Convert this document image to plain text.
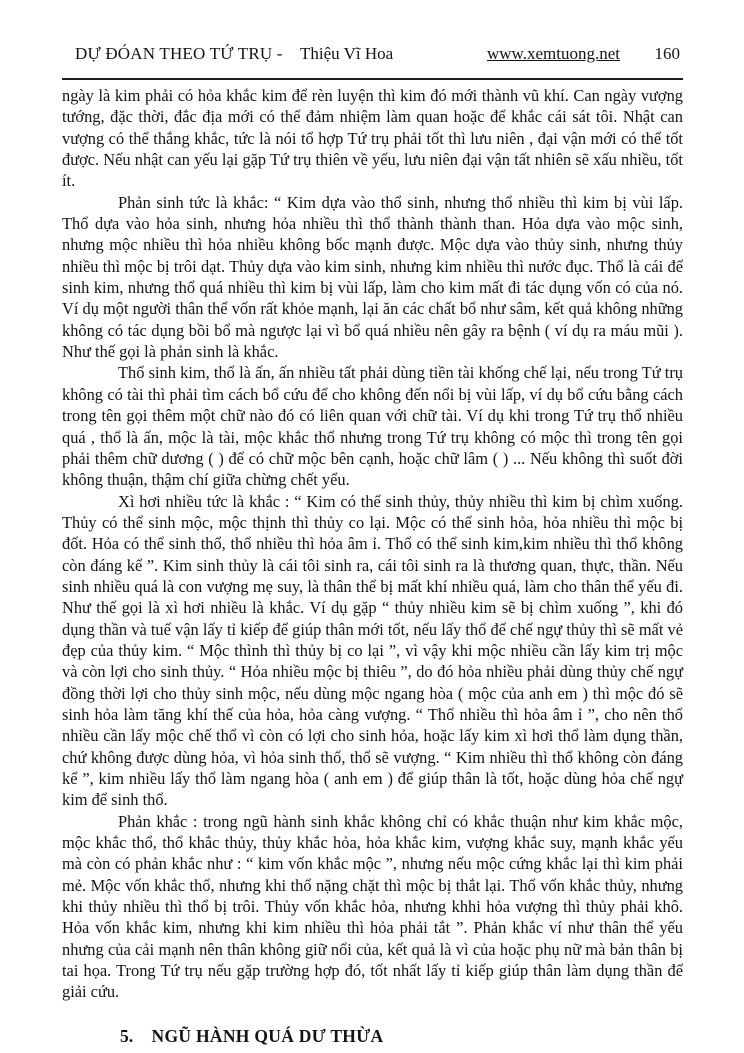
DỰ ĐÓAN THEO TỨ TRỤ - Thiệu Vĩ Hoa	www.xemtuong.net 160

ngày là kim phải có hỏa khắc kim để rèn luyện thì kim đó mới thành vũ khí. Can ngày vượng tướng, đặc thời, đắc địa mới có thể đảm nhiệm làm quan hoặc để khắc cái sát tôi. Nhật can vượng có thể thắng khắc, tức là nói tổ hợp Tứ trụ phải tốt thì lưu niên , đại vận mới có thể tốt được. Nếu nhật can yếu lại gặp Tứ trụ thiên về yếu, lưu niên đại vận tất nhiên sẽ xấu nhiều, tốt ít.

Phản sinh tức là khắc: “ Kim dựa vào thổ sinh, nhưng thổ nhiều thì kim bị vùi lấp. Thổ dựa vào hỏa sinh, nhưng hỏa nhiều thì thổ thành thành than. Hỏa dựa vào mộc sinh, nhưng mộc nhiều thì hỏa nhiều không bốc mạnh được. Mộc dựa vào thủy sinh, nhưng thủy nhiều thì mộc bị trôi dạt. Thủy dựa vào kim sinh, nhưng kim nhiều thì nước đục. Thổ là cái để sinh kim, nhưng thổ quá nhiều thì kim bị vùi lấp, làm cho kim mất đi tác dụng vốn có của nó. Ví dụ một người thân thể vốn rất khỏe mạnh, lại ăn các chất bổ như sâm, kết quả không những không có tác dụng bồi bổ mà ngược lại vì bổ quá nhiều nên gây ra bệnh ( ví dụ ra máu mũi ). Như thế gọi là phản sinh là khắc.

Thổ sinh kim, thổ là ấn, ấn nhiều tất phải dùng tiền tài khống chế lại, nếu trong Tứ trụ không có tài thì phải tìm cách bổ cứu để cho không đến nổi bị vùi lấp, ví dụ bổ cứu bằng cách trong tên gọi thêm một chữ nào đó có liên quan với chữ tài. Ví dụ khi trong Tứ trụ thổ nhiều quá , thổ là ấn, mộc là tài, mộc khắc thổ nhưng trong Tứ trụ không có mộc thì trong tên gọi phải thêm chữ dương ( ) để có chữ mộc bên cạnh, hoặc chữ lâm ( ) ... Nếu không thì suốt đời không thuận, thậm chí giữa chừng chết yểu.

Xì hơi nhiều tức là khắc : “ Kim có thể sinh thủy, thủy nhiều thì kim bị chìm xuống. Thủy có thể sinh mộc, mộc thịnh thì thủy co lại. Mộc có thể sinh hỏa, hỏa nhiều thì mộc bị đốt. Hỏa có thể sinh thổ, thổ nhiều thì hỏa âm ỉ. Thổ có thể sinh kim,kim nhiều thì thổ không còn đáng kể ”. Kim sinh thủy là cái tôi sinh ra, cái tôi sinh ra là thương quan, thực, thần. Nếu sinh nhiều quá là con vượng mẹ suy, là thân thể bị mất khí nhiều quá, làm cho thân thể yếu đi. Như thế gọi là xì hơi nhiều là khắc. Ví dụ gặp “ thủy nhiều kim sẽ bị chìm xuống ”, khi đó dụng thần và tuế vận lấy tỉ kiếp để giúp thân mới tốt, nếu lấy thổ để chế ngự thủy thì sẽ mất vẻ đẹp của thủy kim. “ Mộc thình thì thủy bị co lại ”, vì vậy khi mộc nhiều cần lấy kim trị mộc và còn lợi cho sinh thủy. “ Hỏa nhiều mộc bị thiêu ”, do đó hỏa nhiều phải dùng thủy chế ngự đồng thời lợi cho thủy sinh mộc, nếu dùng mộc ngang hòa ( mộc của anh em ) thì mộc đó sẽ sinh hỏa làm tăng khí thế của hỏa, hỏa càng vượng. “ Thổ nhiều thì hỏa âm ỉ ”, cho nên thổ nhiều cần lấy mộc chế thổ vì còn có lợi cho sinh hỏa, hoặc lấy kim xì hơi thổ làm dụng thần, chứ không được dùng hỏa, vì hỏa sinh thổ, thổ sẽ vượng. “ Kim nhiều thì thổ không còn đáng kể ”, kim nhiều lấy thổ làm ngang hòa ( anh em ) để giúp thân là tốt, hoặc dùng hỏa chế ngự kim để sinh thổ.

Phản khắc : trong ngũ hành sinh khắc không chỉ có khắc thuận như kim khắc mộc, mộc khắc thổ, thổ khắc thủy, thủy khắc hỏa, hỏa khắc kim, vượng khắc suy, mạnh khắc yếu mà còn có phản khắc như : “ kim vốn khắc mộc ”, nhưng nếu mộc cứng khắc lại thì kim phải mẻ. Mộc vốn khắc thổ, nhưng khi thổ nặng chặt thì mộc bị thắt lại. Thổ vốn khắc thủy, nhưng khi thủy nhiều thì thổ bị trôi. Thủy vốn khắc hỏa, nhưng khhi hỏa vượng thì thủy phải khô. Hỏa vốn khắc kim, nhưng khi kim nhiều thì hỏa phải tắt ”. Phản khắc ví như thân thể yếu nhưng của cải mạnh nên thân không giữ nổi của, kết quả là vì của hoặc phụ nữ mà bản thân bị tai họa. Trong Tứ trụ nếu gặp trường hợp đó, tốt nhất lấy tỉ kiếp giúp thân làm dụng thần để giải cứu.

5. NGŨ HÀNH QUÁ DƯ THỪA
